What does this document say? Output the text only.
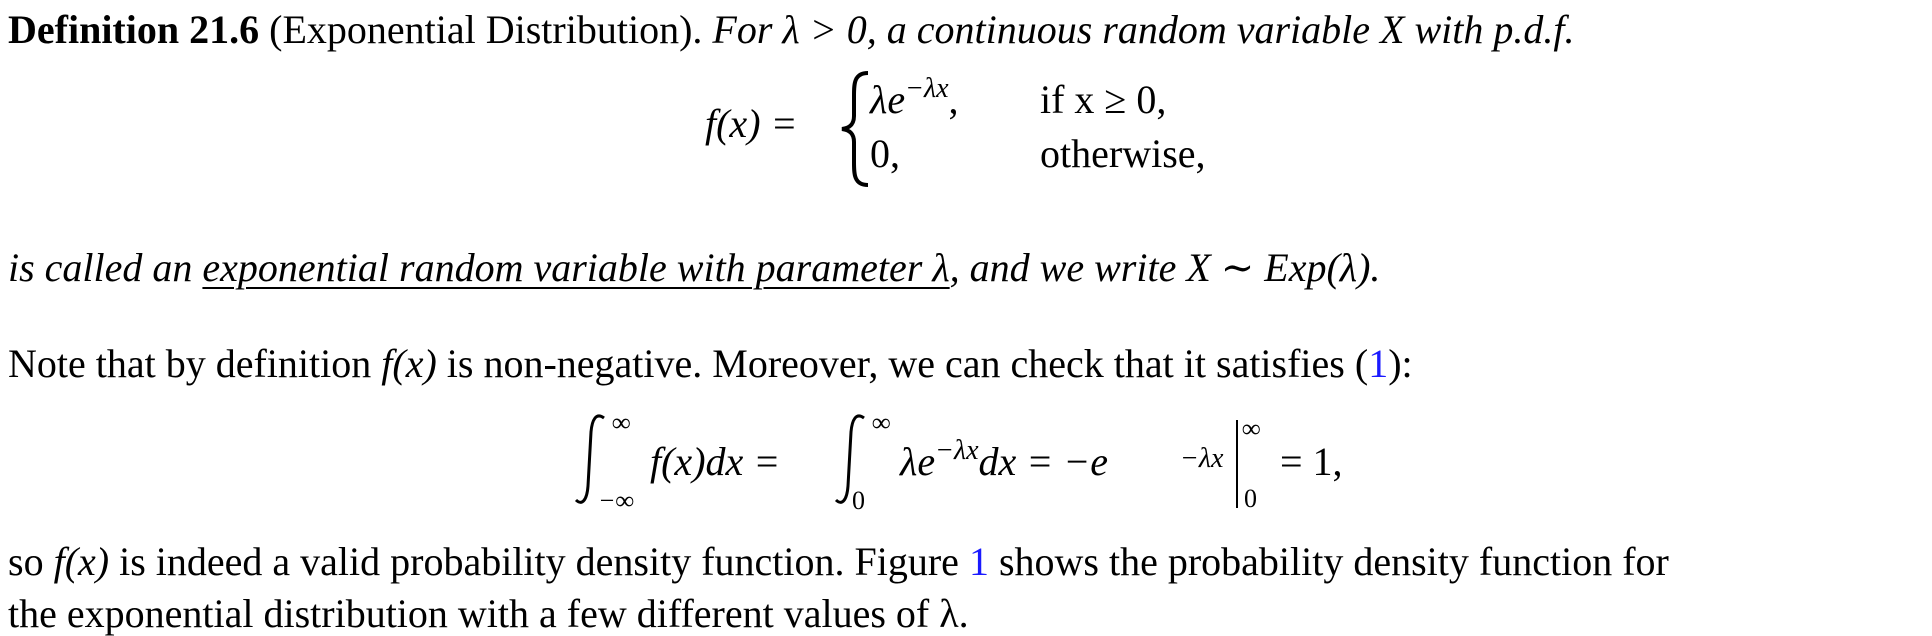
Definition 21.6 (Exponential Distribution). For λ > 0, a continuous random variable X with p.d.f.
f(x) =
$\lambda e^{-\lambda x}$, if x ≥ 0,
0,	otherwise,
is called an exponential random variable with parameter λ, and we write X ∼ Exp(λ).
Note that by definition f(x) is non-negative. Moreover, we can check that it satisfies (1):
∞
−∞
f(x)dx =
∞
0
$\lambda e^{-\lambda x}dx = -e$	$_{-\lambda x}$
∞
0
= 1,
so f(x) is indeed a valid probability density function. Figure 1 shows the probability density function for
the exponential distribution with a few different values of λ.
